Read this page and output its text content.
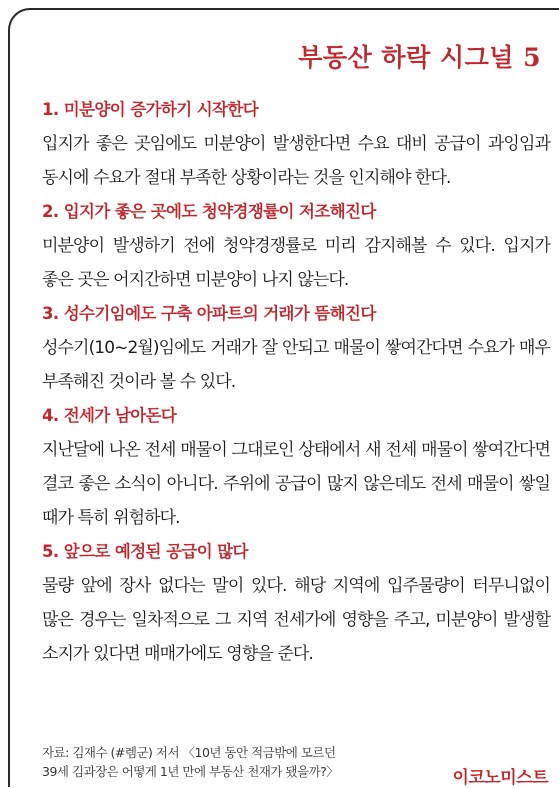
부동산 하락 시그널 5
1. 미분양이 증가하기 시작한다

입지가 좋은 곳임에도 미분양이 발생한다면 수요 대비 공급이 과잉임과 동시에 수요가 절대 부족한 상황이라는 것을 인지해야 한다.

2. 입지가 좋은 곳에도 청약경쟁률이 저조해진다

미분양이 발생하기 전에 청약경쟁률로 미리 감지해볼 수 있다. 입지가 좋은 곳은 어지간하면 미분양이 나지 않는다.

3. 성수기임에도 구축 아파트의 거래가 뜸해진다

성수기(10~2월)임에도 거래가 잘 안되고 매물이 쌓여간다면 수요가 매우 부족해진 것이라 볼 수 있다.

4. 전세가 남아돈다

지난달에 나온 전세 매물이 그대로인 상태에서 새 전세 매물이 쌓여간다면 결코 좋은 소식이 아니다. 주위에 공급이 많지 않은데도 전세 매물이 쌓일 때가 특히 위험하다.

5. 앞으로 예정된 공급이 많다

물량 앞에 장사 없다는 말이 있다. 해당 지역에 입주물량이 터무니없이 많은 경우는 일차적으로 그 지역 전세가에 영향을 주고, 미분양이 발생할 소지가 있다면 매매가에도 영향을 준다.

자료: 김재수 (#렘군) 저서 〈10년 동안 적금밖에 모르던
39세 김과장은 어떻게 1년 만에 부동산 천재가 됐을까?〉	이코노미스트
